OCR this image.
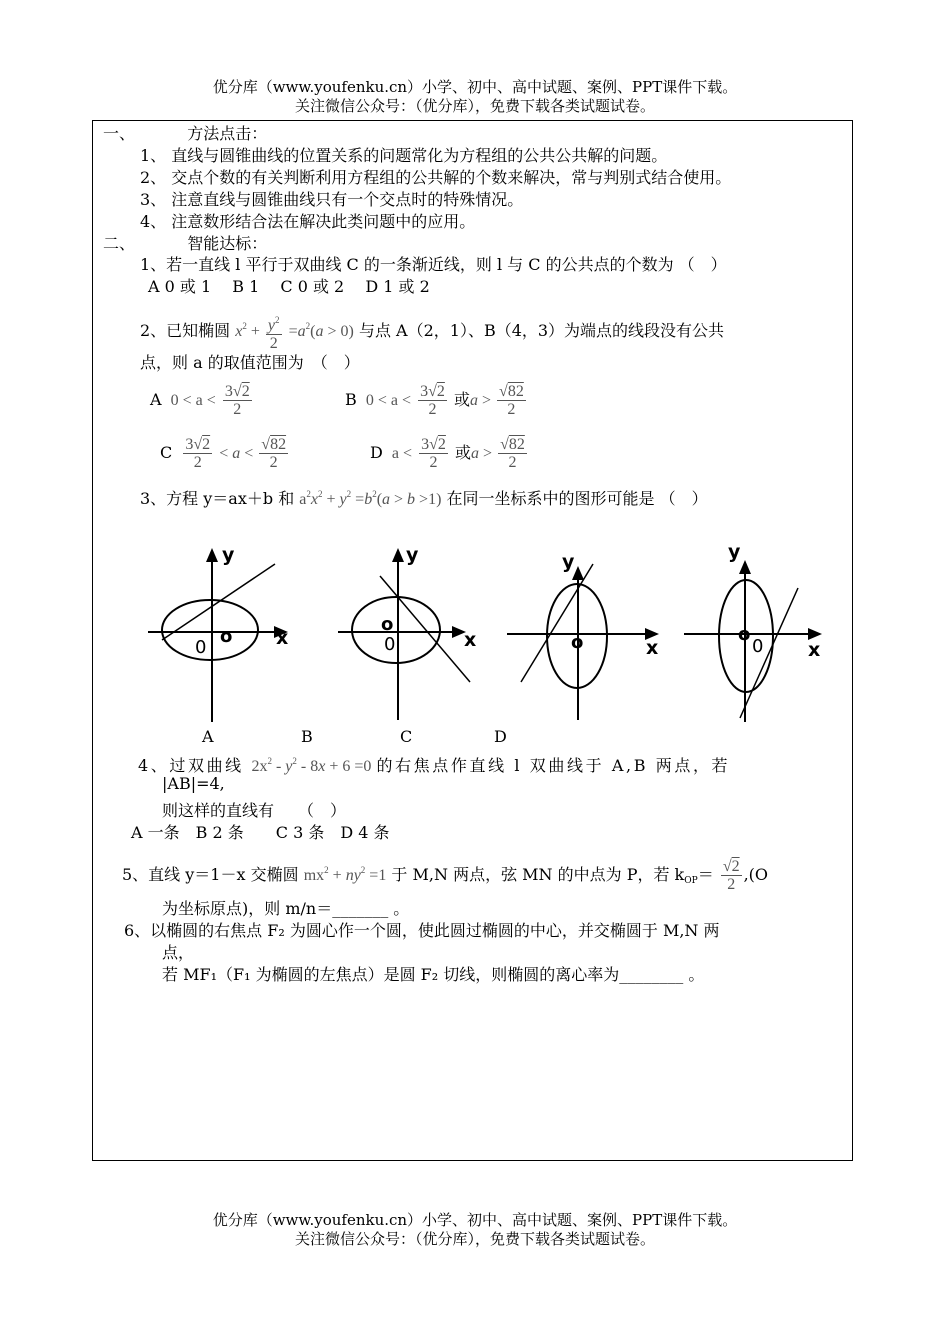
优分库（www.youfenku.cn）小学、初中、高中试题、案例、PPT课件下载。
关注微信公众号：（优分库），免费下载各类试题试卷。
一、	方法点击：
1、 直线与圆锥曲线的位置关系的问题常化为方程组的公共公共解的问题。
2、 交点个数的有关判断利用方程组的公共解的个数来解决，常与判别式结合使用。
3、 注意直线与圆锥曲线只有一个交点时的特殊情况。
4、 注意数形结合法在解决此类问题中的应用。
二、	智能达标：
1、若一直线 l 平行于双曲线 C 的一条渐近线，则 l 与 C 的公共点的个数为 （　）
A 0 或 1　 B 1　 C 0 或 2　 D 1 或 2
2、已知椭圆 $x^2 + \frac{y^2}{2} =a^2(a > 0)$ 与点 A（2，1）、B（4，3）为端点的线段没有公共
点，则 a 的取值范围为　（　）
A  $0 < a < \frac{3√2}{2}$	B  $0 < a < \frac{3√2}{2}$ 或$a > \frac{√82}{2}$
C $\frac{3√2}{2} < a < \frac{√82}{2}$	D  $a < \frac{3√2}{2}$ 或$a > \frac{√82}{2}$
3、方程 y＝ax＋b 和 $a^2x^2 + y^2 =b^2(a > b >1)$ 在同一坐标系中的图形可能是 （　）
y
x
o
0
y
x
o
0
y
x
o
y
x
o
0
A	B	C	D
4、过双曲线 $2x^2 - y^2 - 8x + 6 =0$ 的右焦点作直线 l 双曲线于 A,B 两点，若
|AB|=4,
则这样的直线有　　（　）
A 一条　B 2 条　　C 3 条　D 4 条
5、直线 y＝1－x 交椭圆 $mx^2 + ny^2 =1$ 于 M,N 两点，弦 MN 的中点为 P，若 $k_{OP}= \frac{√2}{2} ,(O$
为坐标原点)，则 m/n＝_______ 。
6、以椭圆的右焦点 F₂ 为圆心作一个圆，使此圆过椭圆的中心，并交椭圆于 M,N 两
点，
若 MF₁（F₁ 为椭圆的左焦点）是圆 F₂ 切线，则椭圆的离心率为________ 。
优分库（www.youfenku.cn）小学、初中、高中试题、案例、PPT课件下载。
关注微信公众号：（优分库），免费下载各类试题试卷。
